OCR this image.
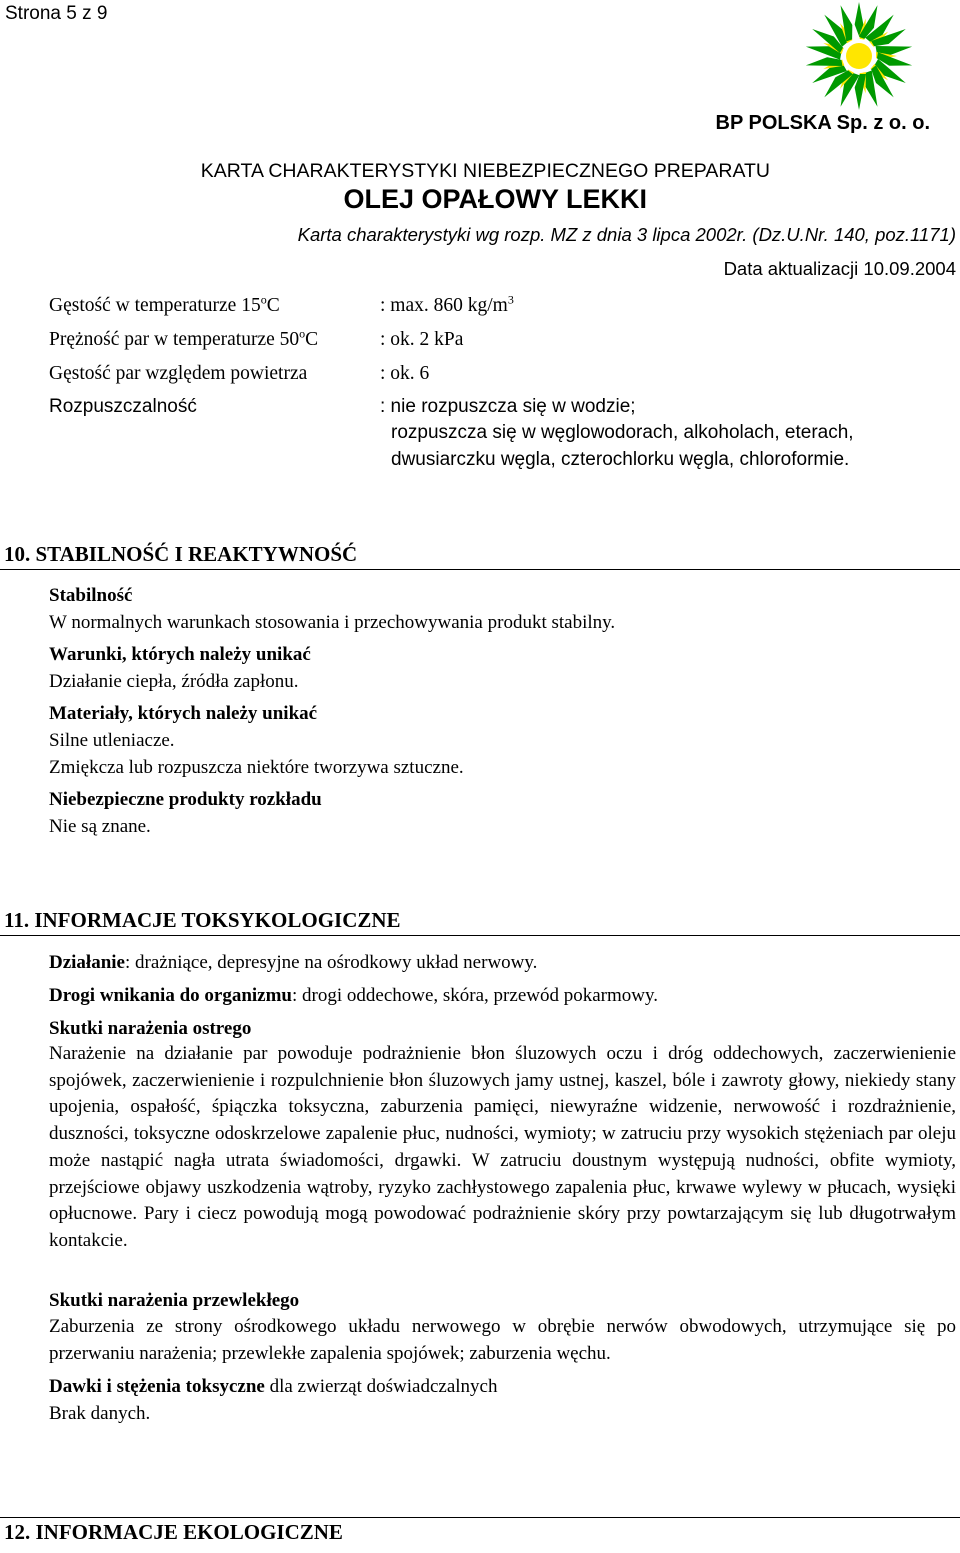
Strona 5 z 9
BP POLSKA Sp. z o. o.
KARTA CHARAKTERYSTYKI NIEBEZPIECZNEGO PREPARATU
OLEJ OPAŁOWY LEKKI
Karta charakterystyki wg rozp. MZ z dnia 3 lipca 2002r. (Dz.U.Nr. 140, poz.1171)
Data aktualizacji 10.09.2004
Gęstość w temperaturze 15$^o$C	: max. 860 $kg/m^3$
Prężność par w temperaturze 50$^o$C	: ok. 2 kPa
Gęstość par względem powietrza	: ok. 6
Rozpuszczalność	: nie rozpuszcza się w wodzie;
rozpuszcza się w węglowodorach, alkoholach, eterach,
dwusiarczku węgla, czterochlorku węgla, chloroformie.
10. STABILNOŚĆ I REAKTYWNOŚĆ
Stabilność
W normalnych warunkach stosowania i przechowywania produkt stabilny.
Warunki, których należy unikać
Działanie ciepła, źródła zapłonu.
Materiały, których należy unikać
Silne utleniacze.
Zmiękcza lub rozpuszcza niektóre tworzywa sztuczne.
Niebezpieczne produkty rozkładu
Nie są znane.
11. INFORMACJE TOKSYKOLOGICZNE
Działanie: drażniące, depresyjne na ośrodkowy układ nerwowy.
Drogi wnikania do organizmu: drogi oddechowe, skóra, przewód pokarmowy.
Skutki narażenia ostrego
Narażenie na działanie par powoduje podrażnienie błon śluzowych oczu i dróg oddechowych, zaczerwienienie spojówek, zaczerwienienie i rozpulchnienie błon śluzowych jamy ustnej, kaszel, bóle i zawroty głowy, niekiedy stany upojenia, ospałość, śpiączka toksyczna, zaburzenia pamięci, niewyraźne widzenie, nerwowość i rozdrażnienie, duszności, toksyczne odoskrzelowe zapalenie płuc, nudności, wymioty; w zatruciu przy wysokich stężeniach par oleju może nastąpić nagła utrata świadomości, drgawki. W zatruciu doustnym występują nudności, obfite wymioty, przejściowe objawy uszkodzenia wątroby, ryzyko zachłystowego zapalenia płuc, krwawe wylewy w płucach, wysięki opłucnowe. Pary i ciecz powodują mogą powodować podrażnienie skóry przy powtarzającym się lub długotrwałym kontakcie.
Skutki narażenia przewlekłego
Zaburzenia ze strony ośrodkowego układu nerwowego w obrębie nerwów obwodowych, utrzymujące się po przerwaniu narażenia; przewlekłe zapalenia spojówek; zaburzenia węchu.
Dawki i stężenia toksyczne dla zwierząt doświadczalnych
Brak danych.
12. INFORMACJE EKOLOGICZNE
